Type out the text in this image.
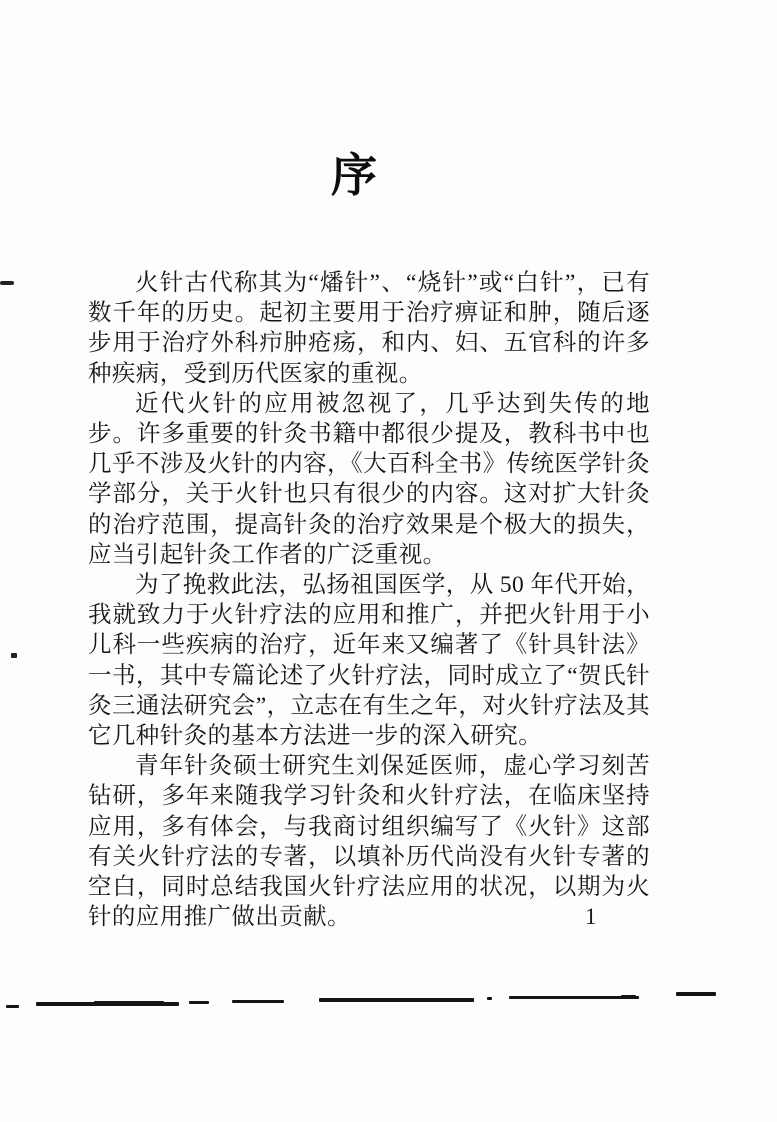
序

火针古代称其为“燔针”、“烧针”或“白针”，已有数千年的历史。起初主要用于治疗痹证和肿，随后逐步用于治疗外科疖肿疮疡，和内、妇、五官科的许多种疾病，受到历代医家的重视。

近代火针的应用被忽视了，几乎达到失传的地步。许多重要的针灸书籍中都很少提及，教科书中也几乎不涉及火针的内容，《大百科全书》传统医学针灸学部分，关于火针也只有很少的内容。这对扩大针灸的治疗范围，提高针灸的治疗效果是个极大的损失，应当引起针灸工作者的广泛重视。

为了挽救此法，弘扬祖国医学，从 50 年代开始，我就致力于火针疗法的应用和推广，并把火针用于小儿科一些疾病的治疗，近年来又编著了《针具针法》一书，其中专篇论述了火针疗法，同时成立了“贺氏针灸三通法研究会”，立志在有生之年，对火针疗法及其它几种针灸的基本方法进一步的深入研究。

青年针灸硕士研究生刘保延医师，虚心学习刻苦钻研，多年来随我学习针灸和火针疗法，在临床坚持应用，多有体会，与我商讨组织编写了《火针》这部有关火针疗法的专著，以填补历代尚没有火针专著的空白，同时总结我国火针疗法应用的状况，以期为火针的应用推广做出贡献。	1
